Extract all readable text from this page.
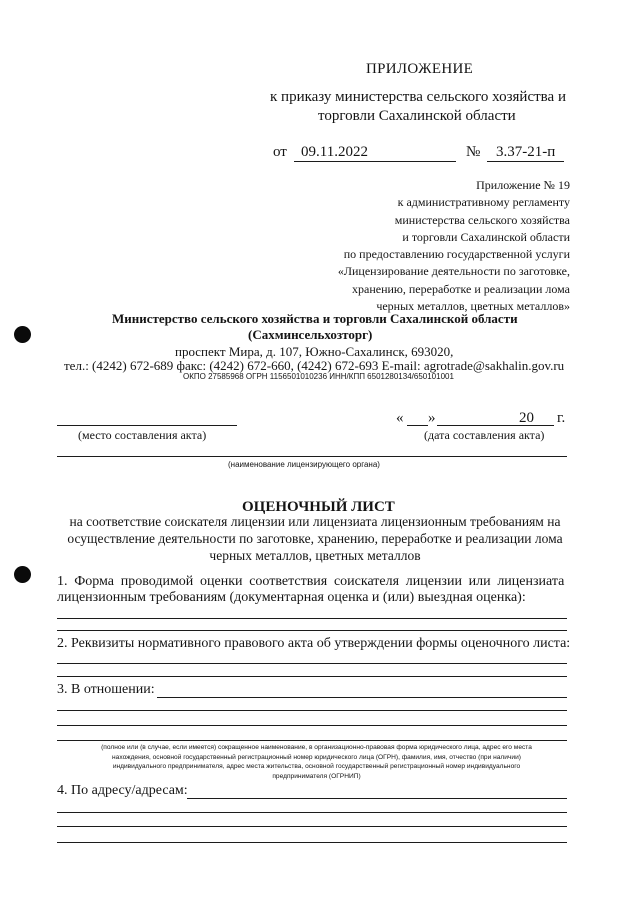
ПРИЛОЖЕНИЕ
к приказу министерства сельского хозяйства и
торговли Сахалинской области
от 09.11.2022	№ 3.37-21-п
Приложение № 19
к административному регламенту
министерства сельского хозяйства
и торговли Сахалинской области
по предоставлению государственной услуги
«Лицензирование деятельности по заготовке,
хранению, переработке и реализации лома
черных металлов, цветных металлов»
Министерство сельского хозяйства и торговли Сахалинской области
(Сахминсельхозторг)
проспект Мира, д. 107, Южно-Сахалинск, 693020,
тел.: (4242) 672-689 факс: (4242) 672-660, (4242) 672-693 E-mail: agrotrade@sakhalin.gov.ru
ОКПО 27585968 ОГРН 1156501010236 ИНН/КПП 6501280134/650101001
« »	20 г.
(место составления акта)	(дата составления акта)
(наименование лицензирующего органа)
ОЦЕНОЧНЫЙ ЛИСТ
на соответствие соискателя лицензии или лицензиата лицензионным требованиям на
осуществление деятельности по заготовке, хранению, переработке и реализации лома
черных металлов, цветных металлов
1. Форма проводимой оценки соответствия соискателя лицензии или лицензиата
лицензионным требованиям (документарная оценка и (или) выездная оценка):
2. Реквизиты нормативного правового акта об утверждении формы оценочного листа:
3. В отношении:
(полное или (в случае, если имеется) сокращенное наименование, в организационно-правовая форма юридического лица, адрес его места
нахождения, основной государственный регистрационный номер юридического лица (ОГРН), фамилия, имя, отчество (при наличии)
индивидуального предпринимателя, адрес места жительства, основной государственный регистрационный номер индивидуального
предпринимателя (ОГРНИП)
4. По адресу/адресам:
